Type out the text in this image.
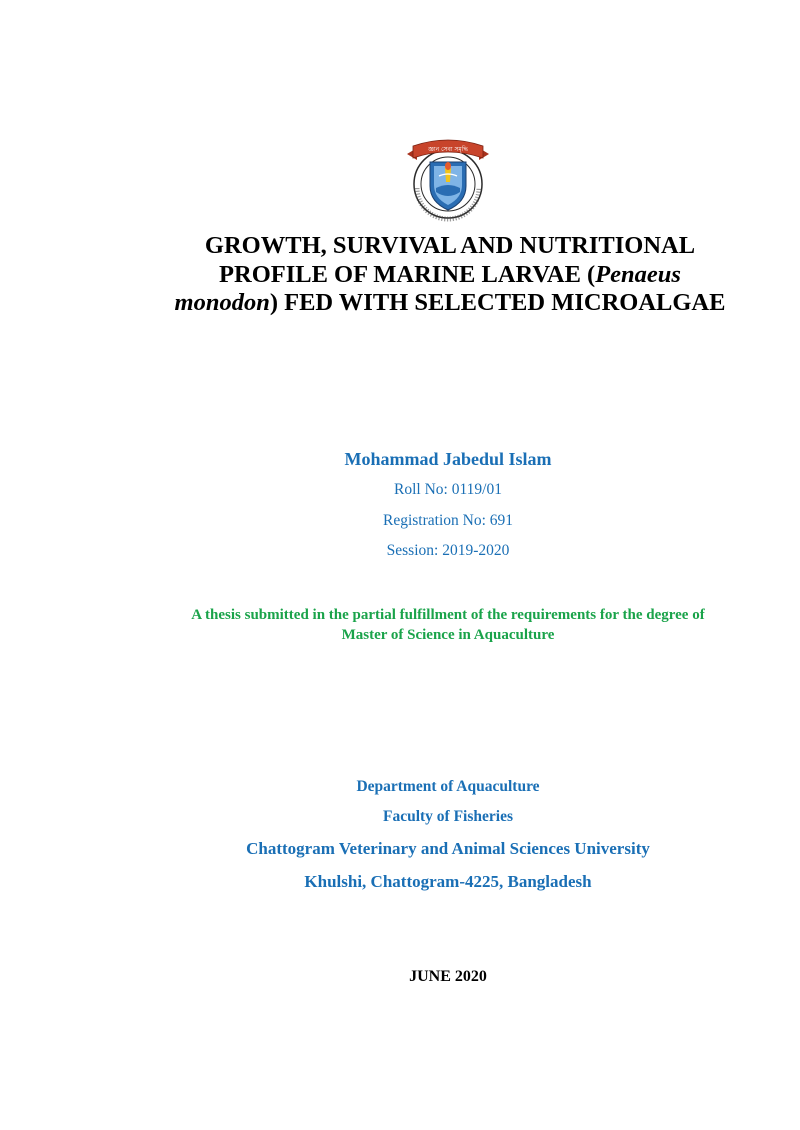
জ্ঞান সেবা সমৃদ্ধি
GROWTH, SURVIVAL AND NUTRITIONAL
PROFILE OF MARINE LARVAE (Penaeus
monodon) FED WITH SELECTED MICROALGAE
Mohammad Jabedul Islam
Roll No: 0119/01
Registration No: 691
Session: 2019-2020
A thesis submitted in the partial fulfillment of the requirements for the degree of
Master of Science in Aquaculture
Department of Aquaculture
Faculty of Fisheries
Chattogram Veterinary and Animal Sciences University
Khulshi, Chattogram-4225, Bangladesh
JUNE 2020
